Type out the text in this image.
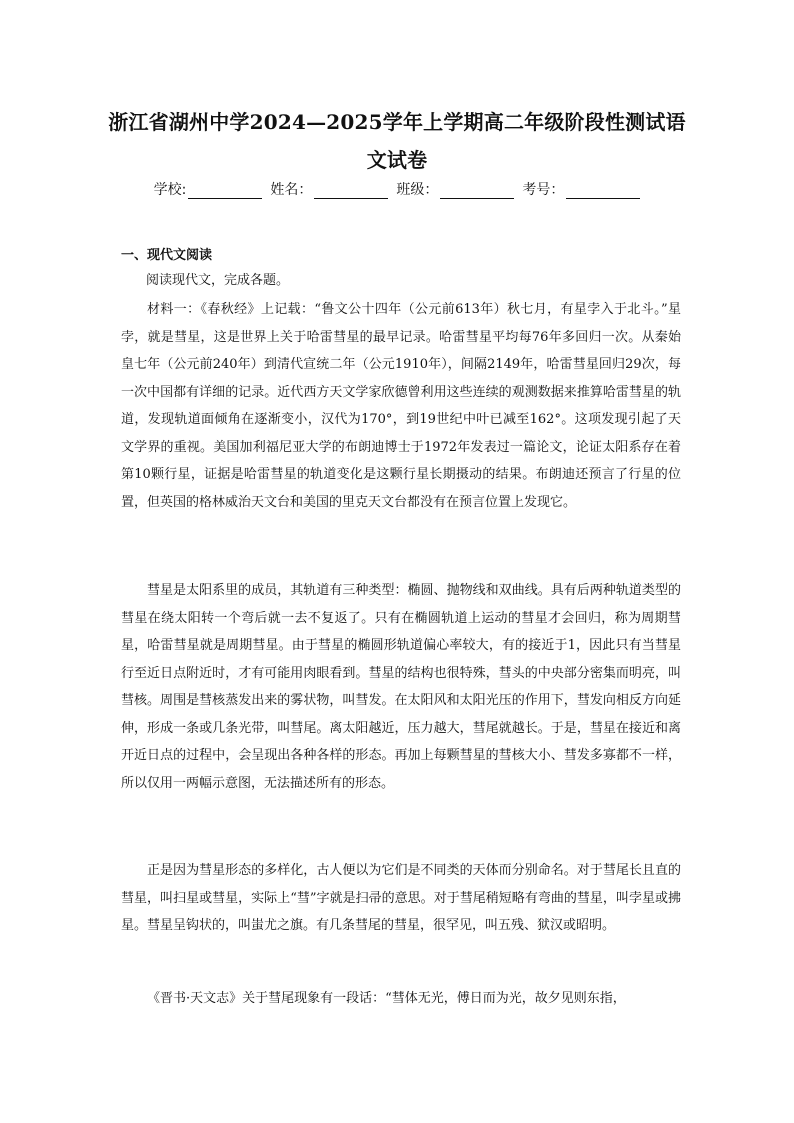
浙江省湖州中学2024—2025学年上学期高二年级阶段性测试语
文试卷
学校:	姓名：	班级：	考号：
一、现代文阅读
阅读现代文，完成各题。

材料一：《春秋经》上记载：“鲁文公十四年（公元前613年）秋七月，有星孛入于北斗。”星孛，就是彗星，这是世界上关于哈雷彗星的最早记录。哈雷彗星平均每76年多回归一次。从秦始皇七年（公元前240年）到清代宣统二年（公元1910年），间隔2149年，哈雷彗星回归29次，每一次中国都有详细的记录。近代西方天文学家欣德曾利用这些连续的观测数据来推算哈雷彗星的轨道，发现轨道面倾角在逐渐变小，汉代为170°，到19世纪中叶已减至162°。这项发现引起了天文学界的重视。美国加利福尼亚大学的布朗迪博士于1972年发表过一篇论文，论证太阳系存在着第10颗行星，证据是哈雷彗星的轨道变化是这颗行星长期摄动的结果。布朗迪还预言了行星的位置，但英国的格林威治天文台和美国的里克天文台都没有在预言位置上发现它。

彗星是太阳系里的成员，其轨道有三种类型：椭圆、抛物线和双曲线。具有后两种轨道类型的彗星在绕太阳转一个弯后就一去不复返了。只有在椭圆轨道上运动的彗星才会回归，称为周期彗星，哈雷彗星就是周期彗星。由于彗星的椭圆形轨道偏心率较大，有的接近于1，因此只有当彗星行至近日点附近时，才有可能用肉眼看到。彗星的结构也很特殊，彗头的中央部分密集而明亮，叫彗核。周围是彗核蒸发出来的雾状物，叫彗发。在太阳风和太阳光压的作用下，彗发向相反方向延伸，形成一条或几条光带，叫彗尾。离太阳越近，压力越大，彗尾就越长。于是，彗星在接近和离开近日点的过程中，会呈现出各种各样的形态。再加上每颗彗星的彗核大小、彗发多寡都不一样，所以仅用一两幅示意图，无法描述所有的形态。

正是因为彗星形态的多样化，古人便以为它们是不同类的天体而分别命名。对于彗尾长且直的彗星，叫扫星或彗星，实际上“彗”字就是扫帚的意思。对于彗尾稍短略有弯曲的彗星，叫孛星或拂星。彗星呈钩状的，叫蚩尤之旗。有几条彗尾的彗星，很罕见，叫五残、狱汉或昭明。

《晋书·天文志》关于彗尾现象有一段话：“彗体无光，傅日而为光，故夕见则东指，
